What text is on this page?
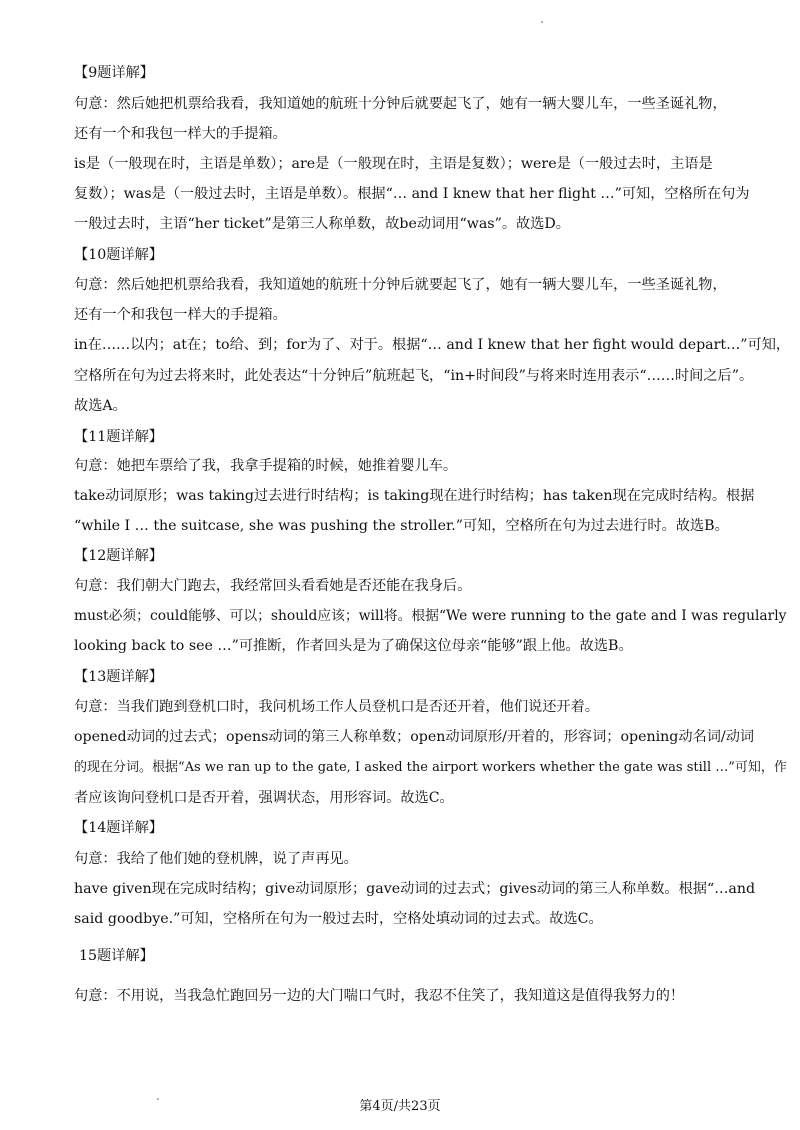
【9题详解】
句意：然后她把机票给我看，我知道她的航班十分钟后就要起飞了，她有一辆大婴儿车，一些圣诞礼物，
还有一个和我包一样大的手提箱。
is是（一般现在时，主语是单数）；are是（一般现在时，主语是复数）；were是（一般过去时，主语是
复数）；was是（一般过去时，主语是单数）。根据“… and I knew that her flight …”可知，空格所在句为
一般过去时，主语“her ticket”是第三人称单数，故be动词用“was”。故选D。
【10题详解】
句意：然后她把机票给我看，我知道她的航班十分钟后就要起飞了，她有一辆大婴儿车，一些圣诞礼物，
还有一个和我包一样大的手提箱。
in在……以内；at在；to给、到；for为了、对于。根据“… and I knew that her fight would depart…”可知，
空格所在句为过去将来时，此处表达“十分钟后”航班起飞，“in+时间段”与将来时连用表示“……时间之后”。
故选A。
【11题详解】
句意：她把车票给了我，我拿手提箱的时候，她推着婴儿车。
take动词原形；was taking过去进行时结构；is taking现在进行时结构；has taken现在完成时结构。根据
“while I … the suitcase, she was pushing the stroller.”可知，空格所在句为过去进行时。故选B。
【12题详解】
句意：我们朝大门跑去，我经常回头看看她是否还能在我身后。
must必须；could能够、可以；should应该；will将。根据“We were running to the gate and I was regularly
looking back to see …”可推断，作者回头是为了确保这位母亲“能够”跟上他。故选B。
【13题详解】
句意：当我们跑到登机口时，我问机场工作人员登机口是否还开着，他们说还开着。
opened动词的过去式；opens动词的第三人称单数；open动词原形/开着的，形容词；opening动名词/动词
的现在分词。根据“As we ran up to the gate, I asked the airport workers whether the gate was still …”可知，作
者应该询问登机口是否开着，强调状态，用形容词。故选C。
【14题详解】
句意：我给了他们她的登机牌，说了声再见。
have given现在完成时结构；give动词原形；gave动词的过去式；gives动词的第三人称单数。根据“…and
said goodbye.”可知，空格所在句为一般过去时，空格处填动词的过去式。故选C。
15题详解】
句意：不用说，当我急忙跑回另一边的大门喘口气时，我忍不住笑了，我知道这是值得我努力的！
第4页/共23页
